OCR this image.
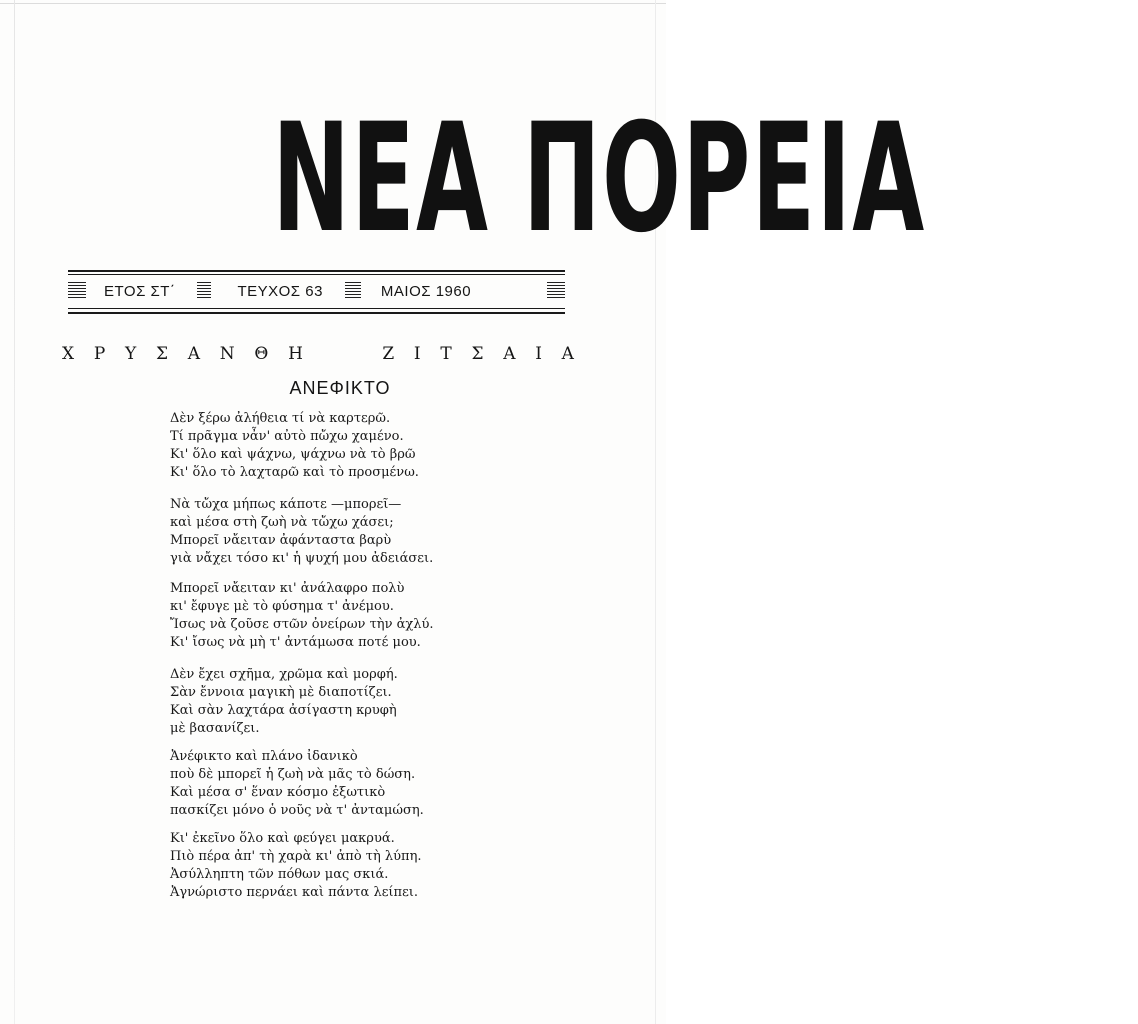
ΝΕΑ ΠΟΡΕΙΑ
ΕΤΟΣ ΣΤ΄	ΤΕΥΧΟΣ 63	ΜΑΙΟΣ 1960
Χ Ρ Υ Σ Α Ν Θ Η	Ζ Ι Τ Σ Α Ι Α
ΑΝΕΦΙΚΤΟ
Δὲν ξέρω ἀλήθεια τί νὰ καρτερῶ.
Τί πρᾶγμα νἆν' αὐτὸ πὤχω χαμένο.
Κι' ὅλο καὶ ψάχνω, ψάχνω νὰ τὸ βρῶ
Κι' ὅλο τὸ λαχταρῶ καὶ τὸ προσμένω.
Νὰ τὤχα μήπως κάποτε —μπορεῖ—
καὶ μέσα στὴ ζωὴ νὰ τὤχω χάσει;
Μπορεῖ νἄειταν ἀφάνταστα βαρὺ
γιὰ νἄχει τόσο κι' ἡ ψυχή μου ἀδειάσει.
Μπορεῖ νἄειταν κι' ἀνάλαφρο πολὺ
κι' ἔφυγε μὲ τὸ φύσημα τ' ἀνέμου.
Ἴσως νὰ ζοῦσε στῶν ὀνείρων τὴν ἀχλύ.
Κι' ἴσως νὰ μὴ τ' ἀντάμωσα ποτέ μου.
Δὲν ἔχει σχῆμα, χρῶμα καὶ μορφή.
Σὰν ἔννοια μαγικὴ μὲ διαποτίζει.
Καὶ σὰν λαχτάρα ἀσίγαστη κρυφὴ
μὲ βασανίζει.
Ἀνέφικτο καὶ πλάνο ἰδανικὸ
ποὺ δὲ μπορεῖ ἡ ζωὴ νὰ μᾶς τὸ δώση.
Καὶ μέσα σ' ἕναν κόσμο ἐξωτικὸ
πασκίζει μόνο ὁ νοῦς νὰ τ' ἀνταμώση.
Κι' ἐκεῖνο ὅλο καὶ φεύγει μακρυά.
Πιὸ πέρα ἀπ' τὴ χαρὰ κι' ἀπὸ τὴ λύπη.
Ἀσύλληπτη τῶν πόθων μας σκιά.
Ἀγνώριστο περνάει καὶ πάντα λείπει.
